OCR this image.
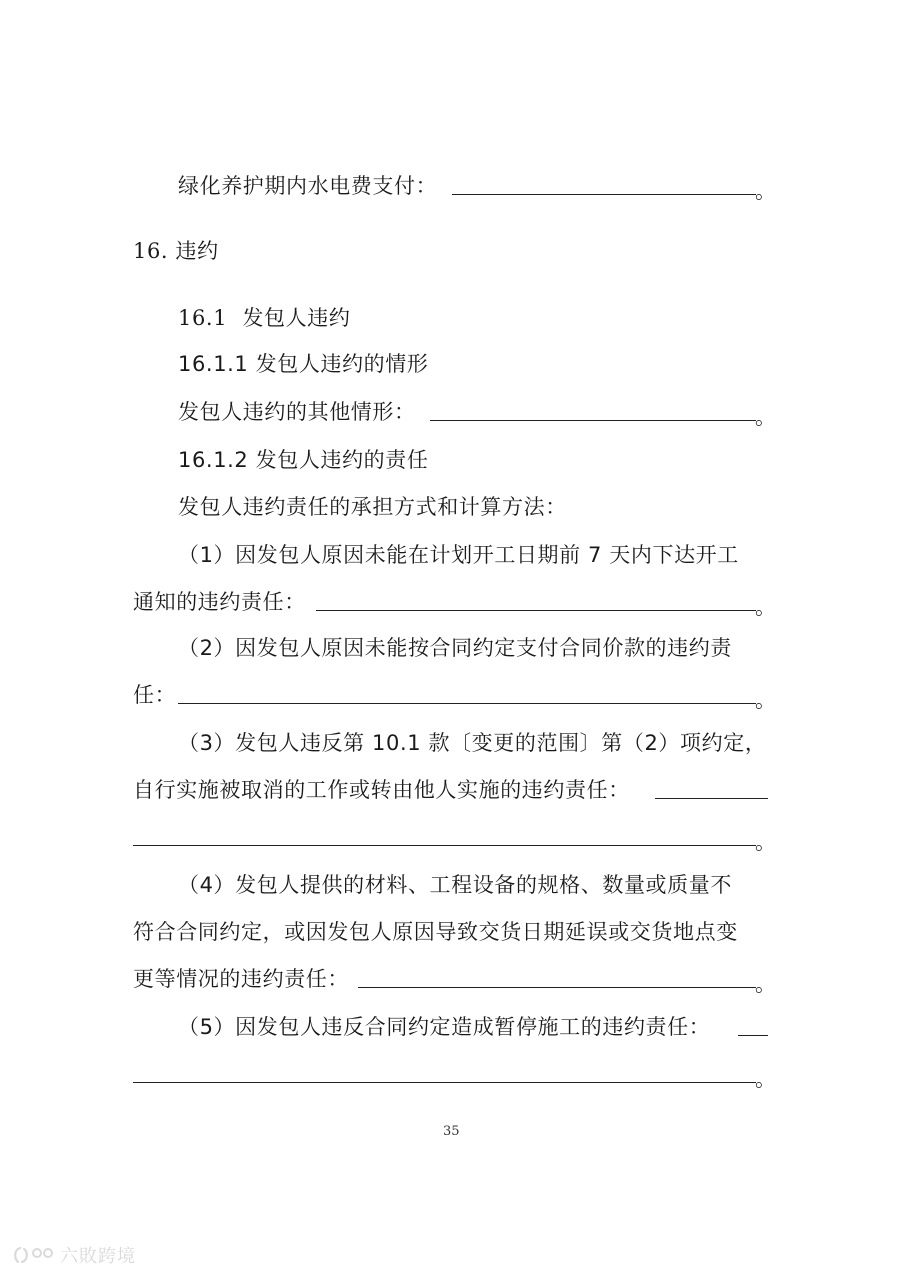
绿化养护期内水电费支付：	。
16. 违约
16.1 发包人违约
16.1.1 发包人违约的情形
发包人违约的其他情形：	。
16.1.2 发包人违约的责任
发包人违约责任的承担方式和计算方法：
（1）因发包人原因未能在计划开工日期前 7 天内下达开工
通知的违约责任：	。
（2）因发包人原因未能按合同约定支付合同价款的违约责
任：	。
（3）发包人违反第 10.1 款〔变更的范围〕第（2）项约定，
自行实施被取消的工作或转由他人实施的违约责任：
。
（4）发包人提供的材料、工程设备的规格、数量或质量不
符合合同约定，或因发包人原因导致交货日期延误或交货地点变
更等情况的违约责任：	。
（5）因发包人违反合同约定造成暂停施工的违约责任：
。
35
六敗跨境
